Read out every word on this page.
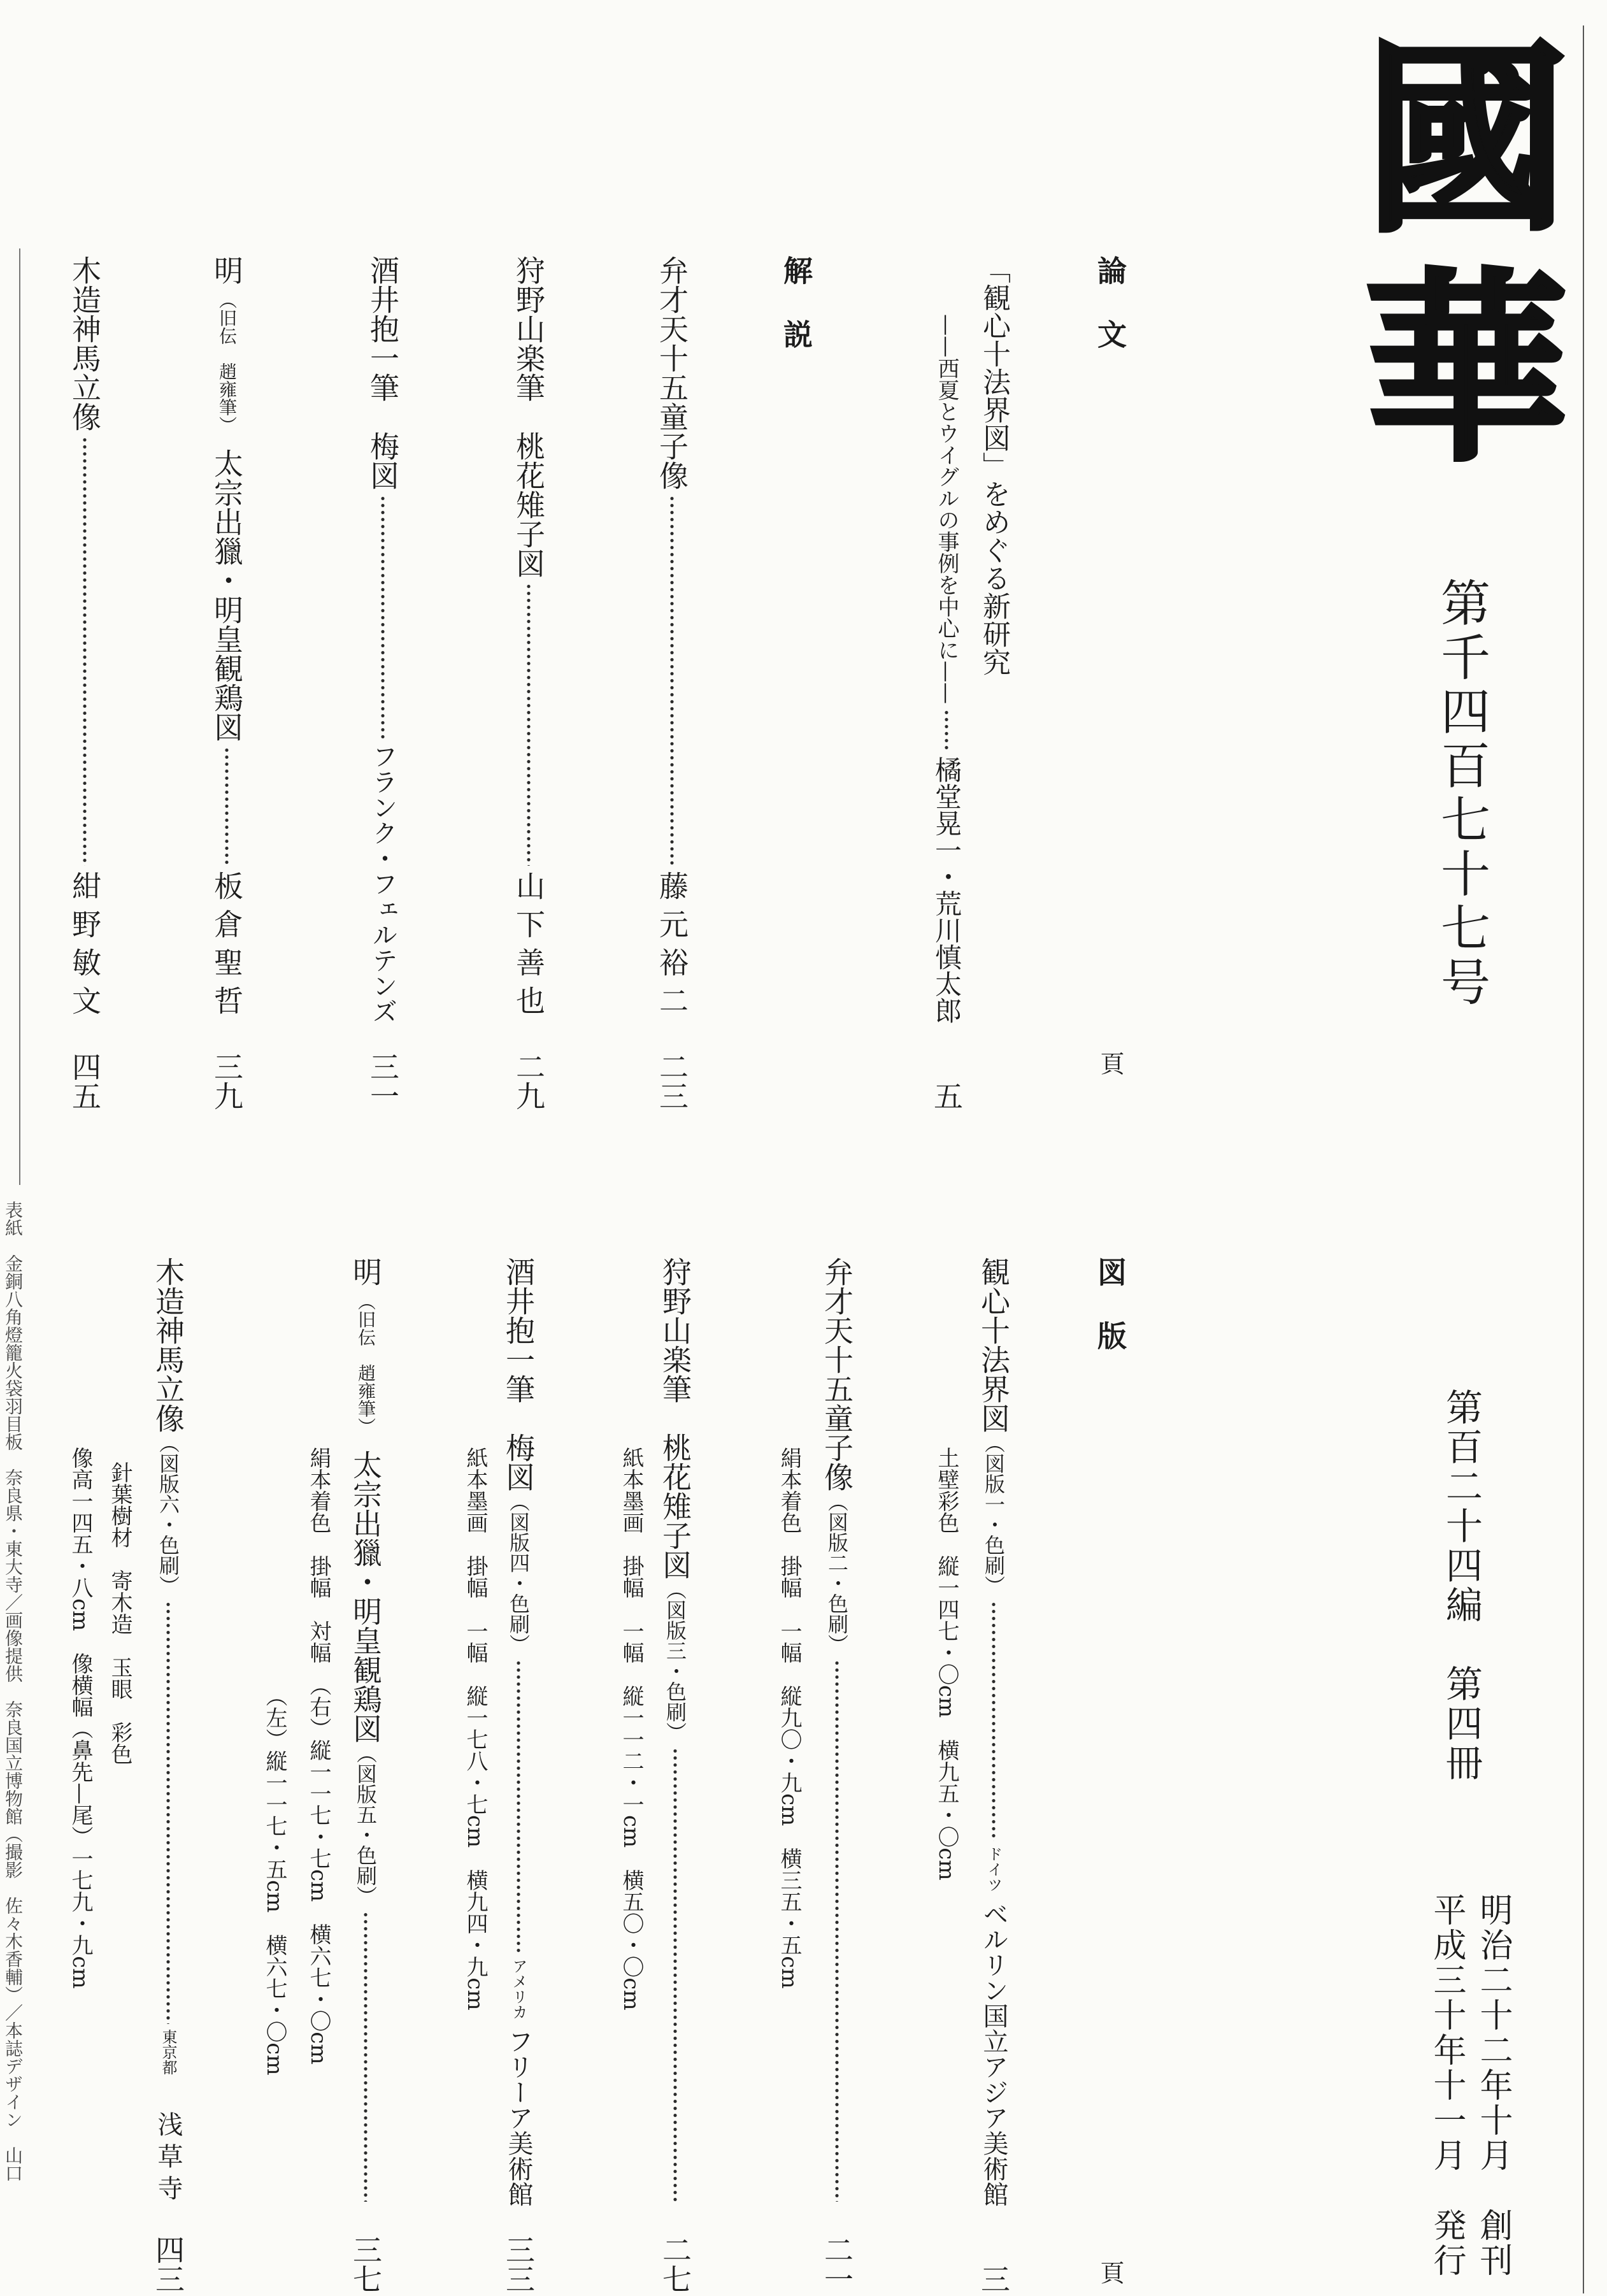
國華
第千四百七十七号
第百二十四編　第四冊
明治二十二年十月　創刊
平成三十年十一月　発行
表紙　金銅八角燈籠火袋羽目板　奈良県・東大寺／画像提供　奈良国立博物館（撮影　佐々木香輔）／本誌デザイン　山口
論文
頁
「観心十法界図」をめぐる新研究
——西夏とウイグルの事例を中心に——
橘堂晃一・荒川慎太郎
五
解説
弁才天十五童子像
藤元裕二
二三
狩野山楽筆　桃花雉子図
山下善也
二九
酒井抱一筆　梅図
フランク・フェルテンズ
三一
明
（旧伝　趙雍筆）
太宗出獵・明皇観鶏図
板倉聖哲
三九
木造神馬立像
紺野敏文
四五
図版
頁
観心十法界図
（図版一・色刷）
ドイツ
ベルリン国立アジア美術館
三
土壁彩色　縦一四七・〇cm　横九五・〇cm
弁才天十五童子像
（図版二・色刷）
二一
絹本着色　掛幅　一幅　縦九〇・九cm　横三五・五cm
狩野山楽筆　桃花雉子図
（図版三・色刷）
二七
紙本墨画　掛幅　一幅　縦一一二・一cm　横五〇・〇cm
酒井抱一筆　梅図
（図版四・色刷）
アメリカ
フリーア美術館
三三
紙本墨画　掛幅　一幅　縦一七八・七cm　横九四・九cm
明
（旧伝　趙雍筆）
太宗出獵・明皇観鶏図
（図版五・色刷）
三七
絹本着色　掛幅　対幅　（右）縦一一七・七cm　横六七・〇cm
（左）縦一一七・五cm　横六七・〇cm
木造神馬立像
（図版六・色刷）
東京都
浅草寺
四三
針葉樹材　寄木造　玉眼　彩色
像高一四五・八cm　像横幅（鼻先—尾）一七九・九cm
